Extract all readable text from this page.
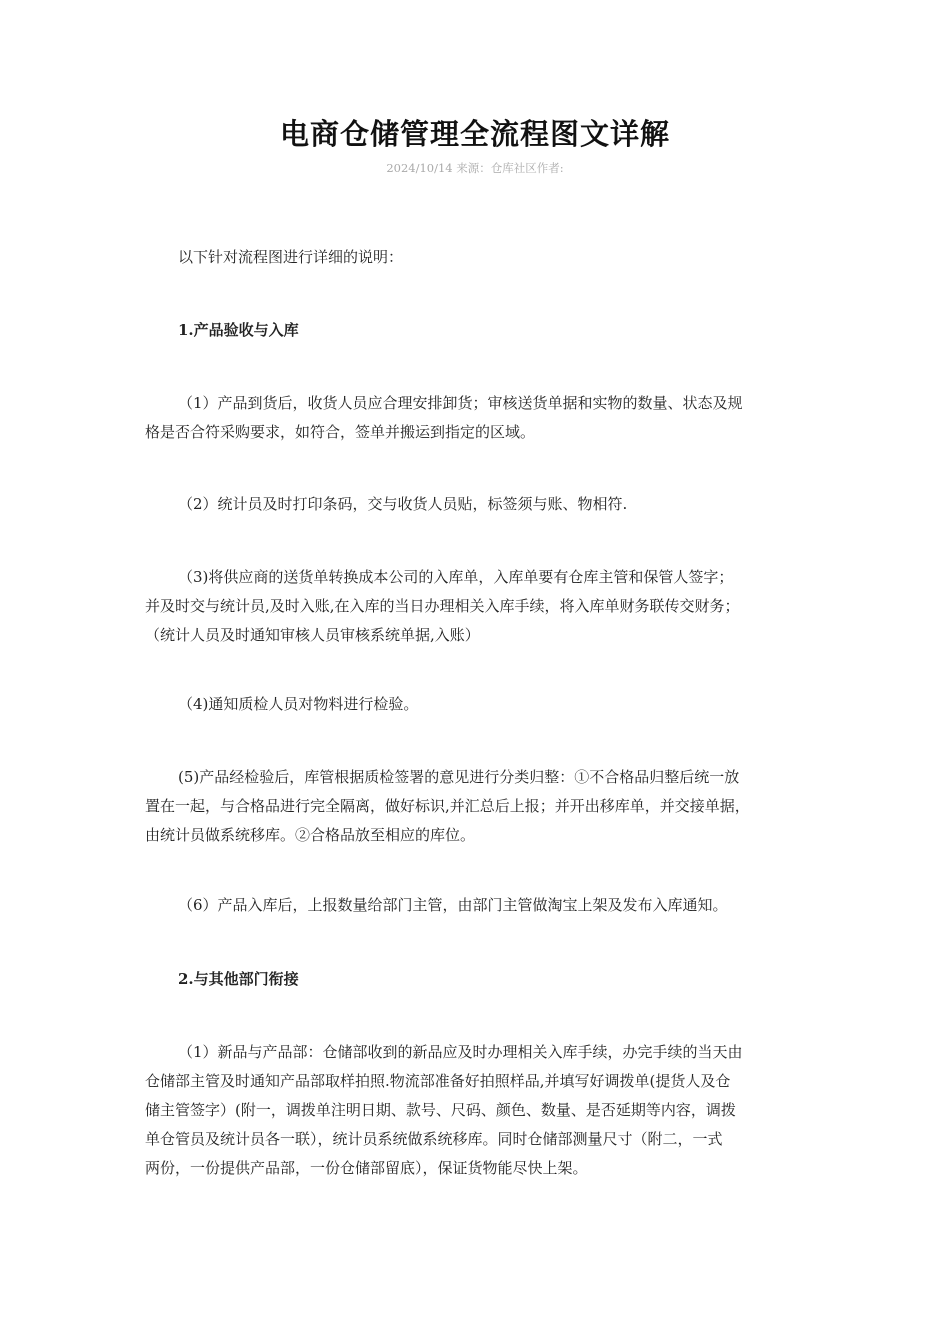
电商仓储管理全流程图文详解
2024/10/14 来源：仓库社区作者:
以下针对流程图进行详细的说明：
1.产品验收与入库
（1）产品到货后，收货人员应合理安排卸货；审核送货单据和实物的数量、状态及规
格是否合符采购要求，如符合，签单并搬运到指定的区域。
（2）统计员及时打印条码，交与收货人员贴，标签须与账、物相符.
（3)将供应商的送货单转换成本公司的入库单，入库单要有仓库主管和保管人签字；
并及时交与统计员,及时入账,在入库的当日办理相关入库手续，将入库单财务联传交财务；
（统计人员及时通知审核人员审核系统单据,入账）
（4)通知质检人员对物料进行检验。
(5)产品经检验后，库管根据质检签署的意见进行分类归整：①不合格品归整后统一放
置在一起，与合格品进行完全隔离，做好标识,并汇总后上报；并开出移库单，并交接单据，
由统计员做系统移库。②合格品放至相应的库位。
（6）产品入库后，上报数量给部门主管，由部门主管做淘宝上架及发布入库通知。
2.与其他部门衔接
（1）新品与产品部：仓储部收到的新品应及时办理相关入库手续，办完手续的当天由
仓储部主管及时通知产品部取样拍照.物流部准备好拍照样品,并填写好调拨单(提货人及仓
储主管签字）(附一，调拨单注明日期、款号、尺码、颜色、数量、是否延期等内容，调拨
单仓管员及统计员各一联），统计员系统做系统移库。同时仓储部测量尺寸（附二，一式
两份，一份提供产品部，一份仓储部留底），保证货物能尽快上架。
